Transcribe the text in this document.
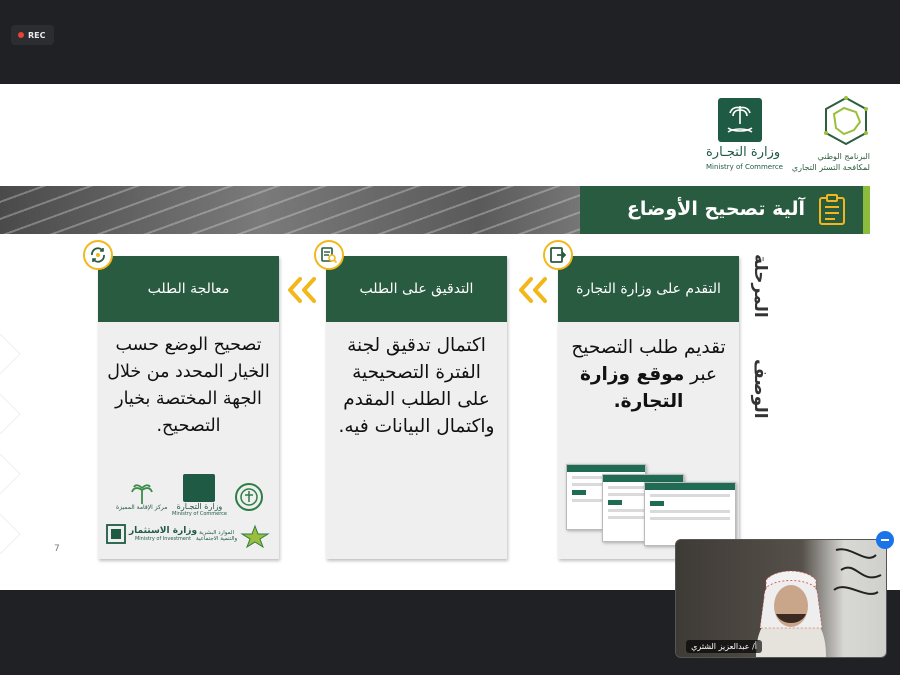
REC
البرنامج الوطني
لمكافحة التستر التجاري
وزارة التجـارة
Ministry of Commerce
آلية تصحيح الأوضاع
المرحلة
الوصف
التقدم على وزارة التجارة
تقديم طلب التصحيح عبر موقع وزارة التجارة.
التدقيق على الطلب
اكتمال تدقيق لجنة الفترة التصحيحية على الطلب المقدم واكتمال البيانات فيه.
معالجة الطلب
تصحيح الوضع حسب الخيار المحدد من خلال الجهة المختصة بخيار التصحيح.
مركز الإقامة المميزة وزارة التجـارة
Ministry of Commerce
وزارة الاستثمار
Ministry of Investment
الموارد البشرية
والتنمية الاجتماعية
7
أ/ عبدالعزيز الشثري
